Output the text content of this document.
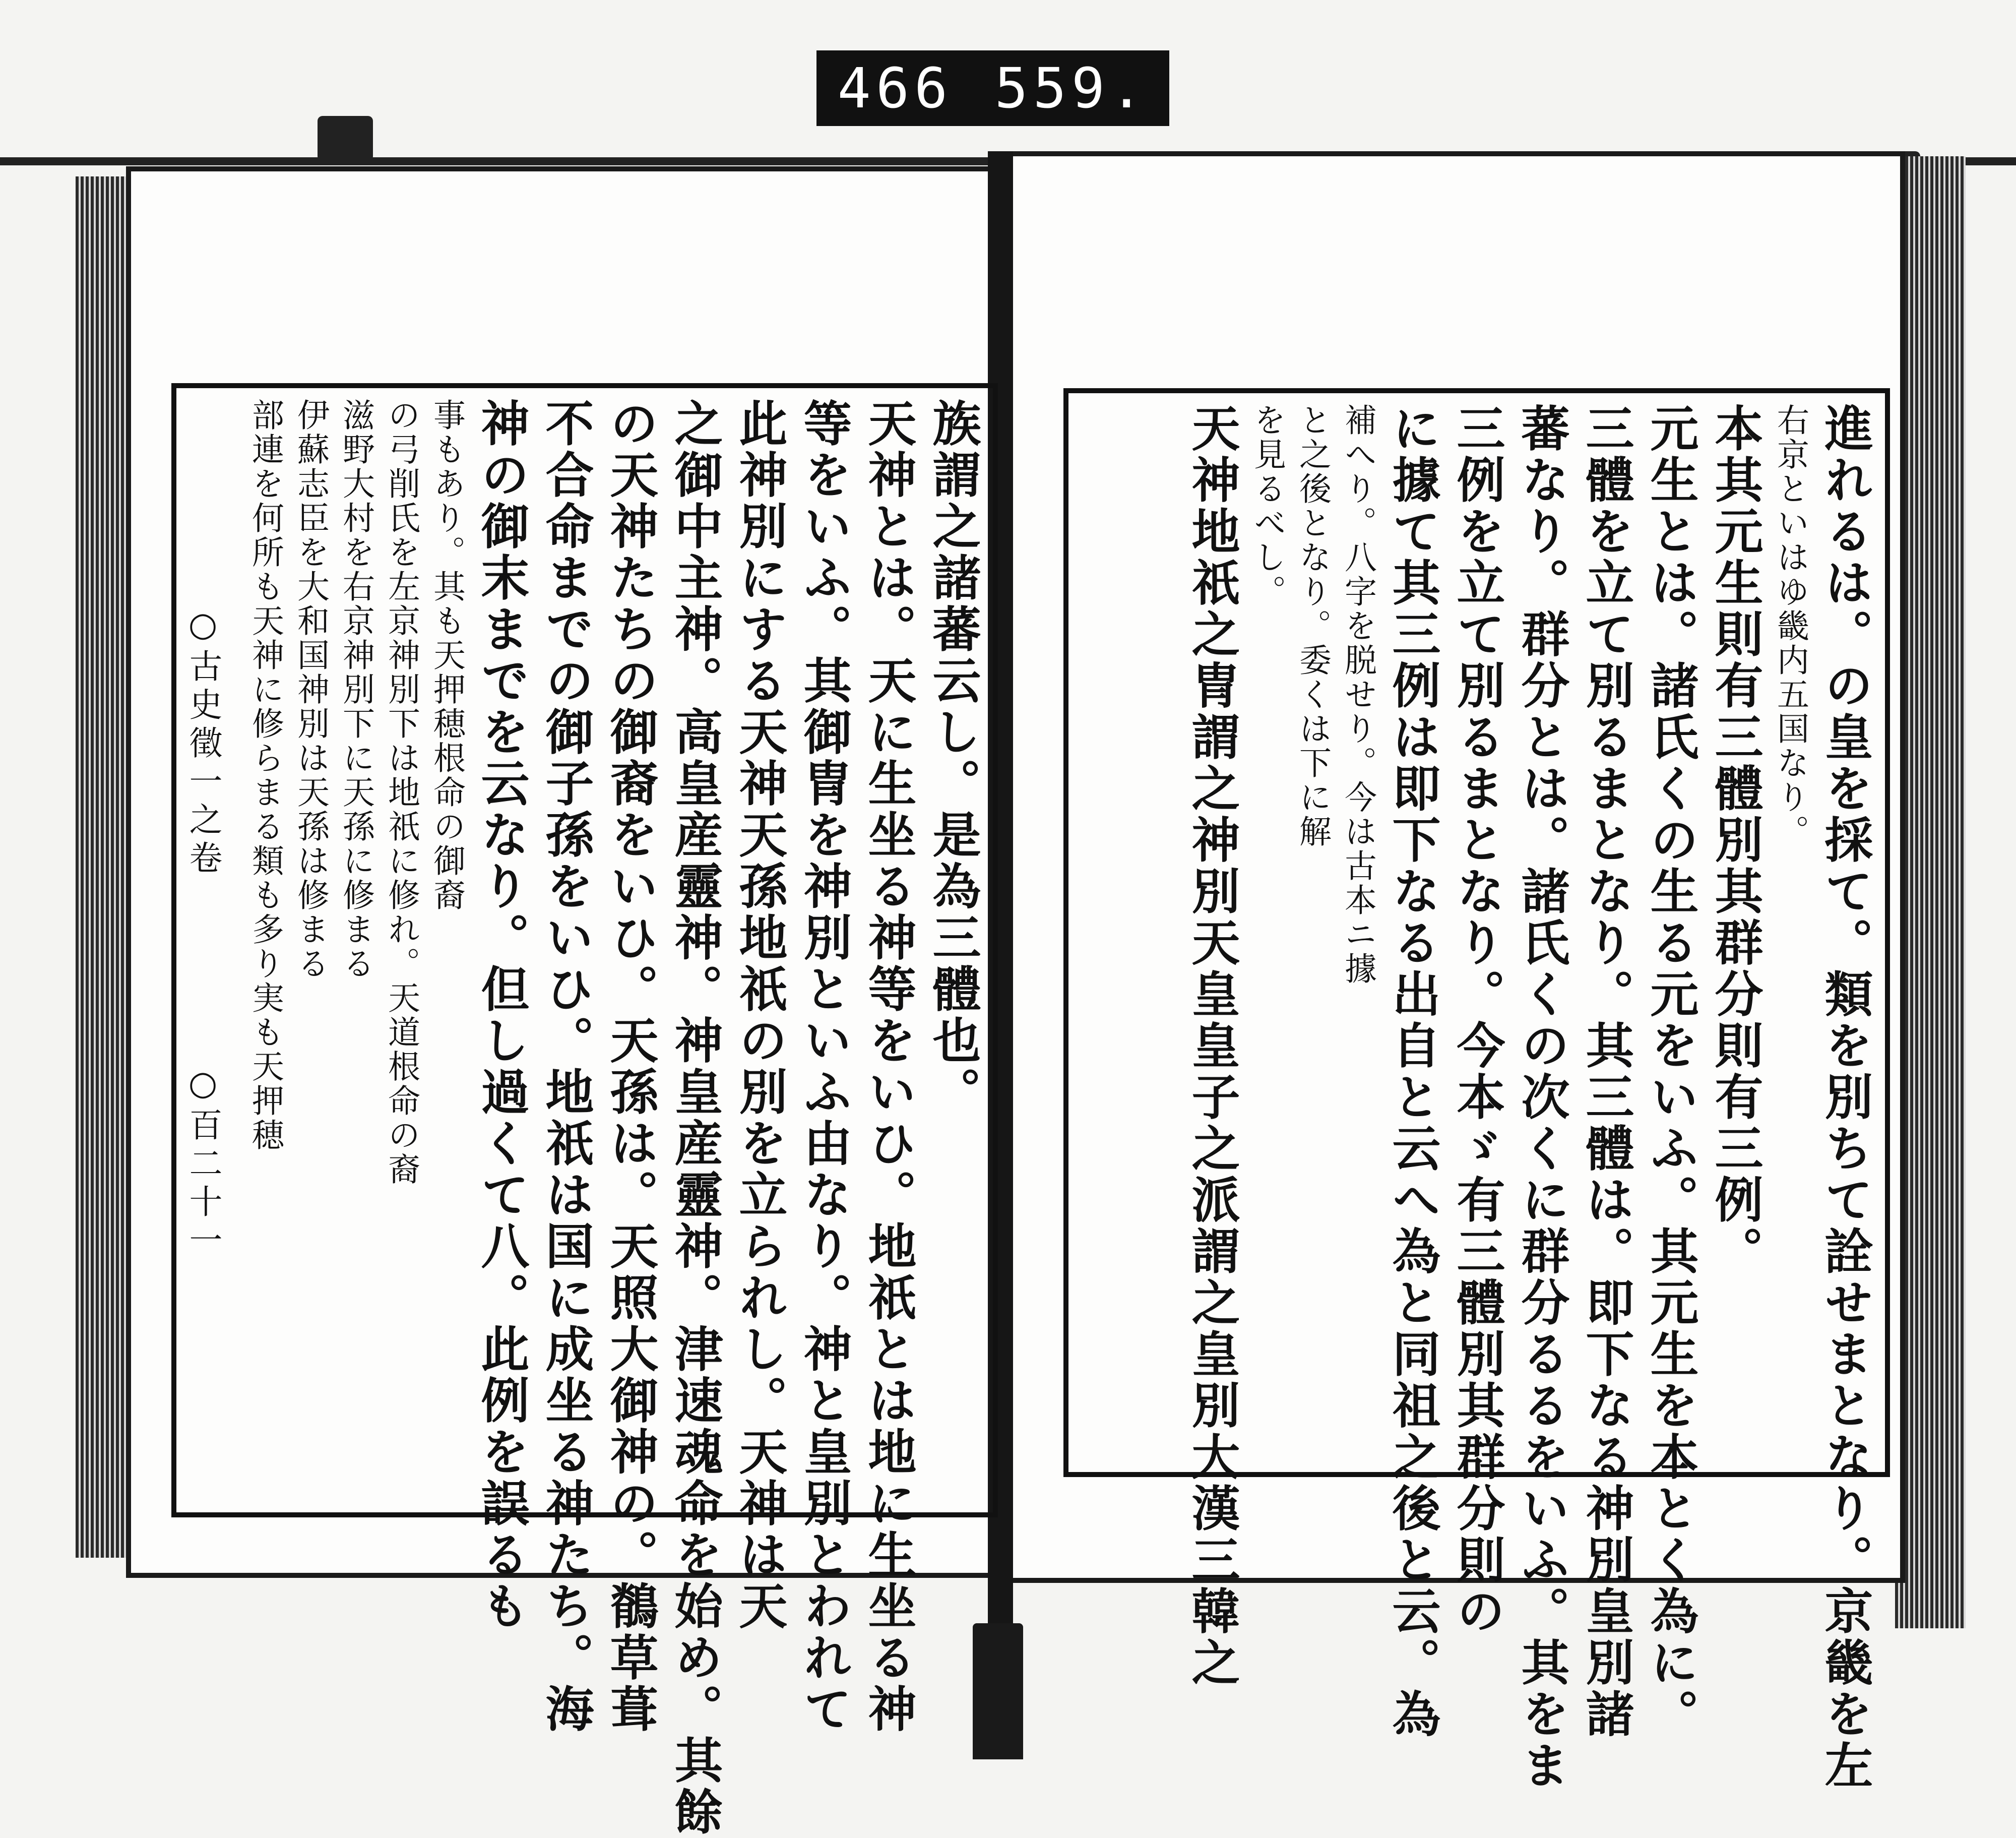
466 559.
族謂之諸蕃云し。是為三體也。
天神とは。天に生坐る神等をいひ。地祇とは地に生坐る神
等をいふ。其御冑を神別といふ由なり。神と皇別とわれて
此神別にする天神天孫地祇の別を立られし。天神は天
之御中主神。高皇産靈神。神皇産靈神。津速魂命を始め。其餘
の天神たちの御裔をいひ。天孫は。天照大御神の。鶺草葺
不合命までの御子孫をいひ。地祇は国に成坐る神たち。海
神の御末までを云なり。但し過くて八。此例を誤るも
事もあり。其も天押穂根命の御裔
の弓削氏を左京神別下は地祇に修れ。天道根命の裔
滋野大村を右京神別下に天孫に修まる
伊蘇志臣を大和国神別は天孫は修まる
部連を何所も天神に修らまる類も多り実も天押穂
○古史徵一之卷
○百二十一	進れるは。の皇を採て。類を別ちて詮せまとなり。京畿を左
右京といはゆ畿内五国なり。
本其元生則有三體別其群分則有三例。
元生とは。諸氏くの生る元をいふ。其元生を本とく為に。
三體を立て別るまとなり。其三體は。即下なる神別皇別諸
蕃なり。群分とは。諸氏くの次くに群分るるをいふ。其をま
三例を立て別るまとなり。今本ゞ有三體別其群分則の
に據て其三例は即下なる出自と云へ為と同祖之後と云。為
補へり。八字を脱せり。今は古本ニ據
と之後となり。委くは下に解
を見るべし。
天神地祇之冑謂之神別天皇皇子之派謂之皇別大漢三韓之
